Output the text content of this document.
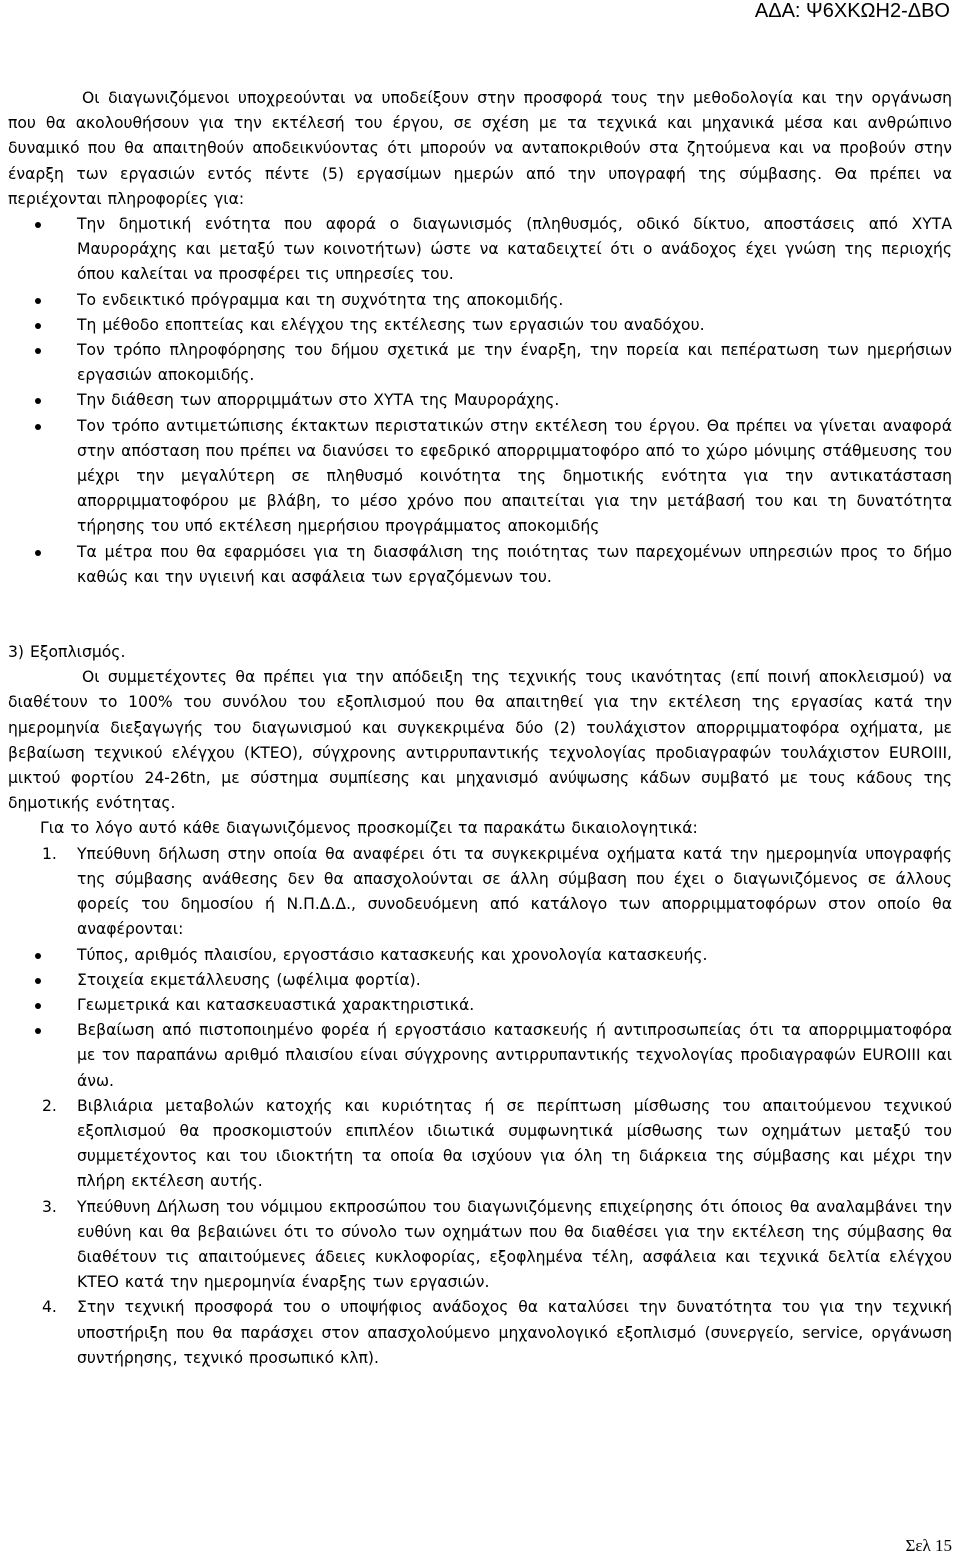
ΑΔΑ: Ψ6ΧΚΩΗ2-ΔΒΟ

Οι διαγωνιζόμενοι υποχρεούνται να υποδείξουν στην προσφορά τους την μεθοδολογία και την οργάνωση που θα ακολουθήσουν για την εκτέλεσή του έργου, σε σχέση με τα τεχνικά και μηχανικά μέσα και ανθρώπινο δυναμικό που θα απαιτηθούν αποδεικνύοντας ότι μπορούν να ανταποκριθούν στα ζητούμενα και να προβούν στην έναρξη των εργασιών εντός πέντε (5) εργασίμων ημερών από την υπογραφή της σύμβασης. Θα πρέπει να περιέχονται πληροφορίες για:

Την δημοτική ενότητα που αφορά ο διαγωνισμός (πληθυσμός, οδικό δίκτυο, αποστάσεις από ΧΥΤΑ Μαυροράχης και μεταξύ των κοινοτήτων) ώστε να καταδειχτεί ότι ο ανάδοχος έχει γνώση της περιοχής όπου καλείται να προσφέρει τις υπηρεσίες του.
Το ενδεικτικό πρόγραμμα και τη συχνότητα της αποκομιδής.
Τη μέθοδο εποπτείας και ελέγχου της εκτέλεσης των εργασιών του αναδόχου.
Τον τρόπο πληροφόρησης του δήμου σχετικά με την έναρξη, την πορεία και πεπέρατωση των ημερήσιων εργασιών αποκομιδής.
Την διάθεση των απορριμμάτων στο ΧΥΤΑ της Μαυροράχης.
Τον τρόπο αντιμετώπισης έκτακτων περιστατικών στην εκτέλεση του έργου. Θα πρέπει να γίνεται αναφορά στην απόσταση που πρέπει να διανύσει το εφεδρικό απορριμματοφόρο από το χώρο μόνιμης στάθμευσης του μέχρι την μεγαλύτερη σε πληθυσμό κοινότητα της δημοτικής ενότητα για την αντικατάσταση απορριμματοφόρου με βλάβη, το μέσο χρόνο που απαιτείται για την μετάβασή του και τη δυνατότητα τήρησης του υπό εκτέλεση ημερήσιου προγράμματος αποκομιδής
Τα μέτρα που θα εφαρμόσει για τη διασφάλιση της ποιότητας των παρεχομένων υπηρεσιών προς το δήμο καθώς και την υγιεινή και ασφάλεια των εργαζόμενων του.

3) Εξοπλισμός.

Οι συμμετέχοντες θα πρέπει για την απόδειξη της τεχνικής τους ικανότητας (επί ποινή αποκλεισμού) να διαθέτουν το 100% του συνόλου του εξοπλισμού που θα απαιτηθεί για την εκτέλεση της εργασίας κατά την ημερομηνία διεξαγωγής του διαγωνισμού και συγκεκριμένα δύο (2) τουλάχιστον απορριμματοφόρα οχήματα, με βεβαίωση τεχνικού ελέγχου (ΚΤΕΟ), σύγχρονης αντιρρυπαντικής τεχνολογίας προδιαγραφών τουλάχιστον EUROIII, μικτού φορτίου 24-26tn, με σύστημα συμπίεσης και μηχανισμό ανύψωσης κάδων συμβατό με τους κάδους της δημοτικής ενότητας.

Για το λόγο αυτό κάθε διαγωνιζόμενος προσκομίζει τα παρακάτω δικαιολογητικά:

1. Υπεύθυνη δήλωση στην οποία θα αναφέρει ότι τα συγκεκριμένα οχήματα κατά την ημερομηνία υπογραφής της σύμβασης ανάθεσης δεν θα απασχολούνται σε άλλη σύμβαση που έχει ο διαγωνιζόμενος σε άλλους φορείς του δημοσίου ή Ν.Π.Δ.Δ., συνοδευόμενη από κατάλογο των απορριμματοφόρων στον οποίο θα αναφέρονται:
Τύπος, αριθμός πλαισίου, εργοστάσιο κατασκευής και χρονολογία κατασκευής.
Στοιχεία εκμετάλλευσης (ωφέλιμα φορτία).
Γεωμετρικά και κατασκευαστικά χαρακτηριστικά.
Βεβαίωση από πιστοποιημένο φορέα ή εργοστάσιο κατασκευής ή αντιπροσωπείας ότι τα απορριμματοφόρα με τον παραπάνω αριθμό πλαισίου είναι σύγχρονης αντιρρυπαντικής τεχνολογίας προδιαγραφών EUROIII και άνω.
2. Βιβλιάρια μεταβολών κατοχής και κυριότητας ή σε περίπτωση μίσθωσης του απαιτούμενου τεχνικού εξοπλισμού θα προσκομιστούν επιπλέον ιδιωτικά συμφωνητικά μίσθωσης των οχημάτων μεταξύ του συμμετέχοντος και του ιδιοκτήτη τα οποία θα ισχύουν για όλη τη διάρκεια της σύμβασης και μέχρι την πλήρη εκτέλεση αυτής.
3. Υπεύθυνη Δήλωση του νόμιμου εκπροσώπου του διαγωνιζόμενης επιχείρησης ότι όποιος θα αναλαμβάνει την ευθύνη και θα βεβαιώνει ότι το σύνολο των οχημάτων που θα διαθέσει για την εκτέλεση της σύμβασης θα διαθέτουν τις απαιτούμενες άδειες κυκλοφορίας, εξοφλημένα τέλη, ασφάλεια και τεχνικά δελτία ελέγχου ΚΤΕΟ κατά την ημερομηνία έναρξης των εργασιών.
4. Στην τεχνική προσφορά του ο υποψήφιος ανάδοχος θα καταλύσει την δυνατότητα του για την τεχνική υποστήριξη που θα παράσχει στον απασχολούμενο μηχανολογικό εξοπλισμό (συνεργείο, service, οργάνωση συντήρησης, τεχνικό προσωπικό κλπ).
Σελ 15
